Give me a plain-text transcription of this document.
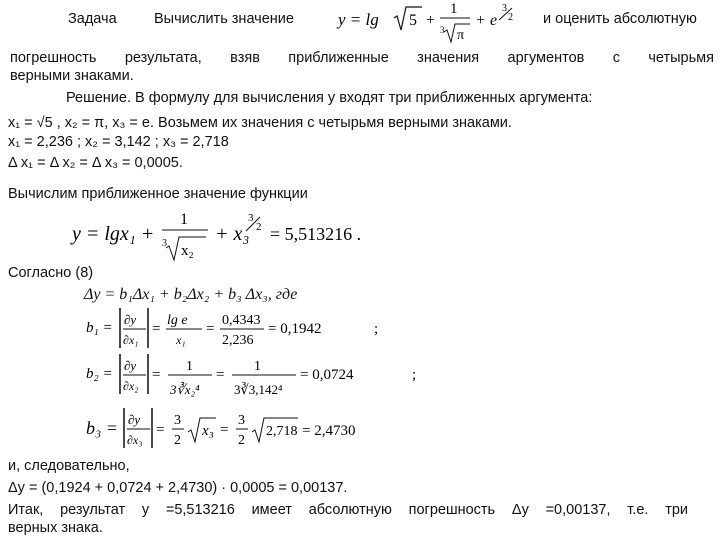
Задача	Вычислить значение	y = lg 5 +
1
3 π
+ e
3
2 и оценить абсолютную
погрешность результата, взяв приближенные значения аргументов с четырьмя
верными знаками.
Решение. В формулу для вычисления y входят три приближенных аргумента:
x₁ = √5 , x₂ = π, x₃ = e. Возьмем их значения с четырьмя верными знаками.
x₁ = 2,236 ; x₂ = 3,142 ; x₃ = 2,718
Δ x₁ = Δ x₂ = Δ x₃ = 0,0005.
Вычислим приближенное значение функции
y = lgx₁ +
1
3 x₂
+ x₃
3
2 = 5,513216 .
Согласно (8)
Δy = b₁Δx₁ + b₂Δx₂ + b₃ Δx₃, где
b₁ =
∂y
∂x₁
=
lg e
x₁
=
0,4343
2,236
= 0,1942	;
b₂ =
∂y
∂x₂
=
1
3∛x₂⁴
=
1
3∛3,142⁴
= 0,0724	;
b₃ = ∂y
∂x₃
=
3
2
x₃ =
3
2
2,718 = 2,4730
и, следовательно,
Δy = (0,1924 + 0,0724 + 2,4730) · 0,0005 = 0,00137.
Итак, результат y =5,513216 имеет абсолютную погрешность Δy =0,00137, т.е. три
верных знака.
